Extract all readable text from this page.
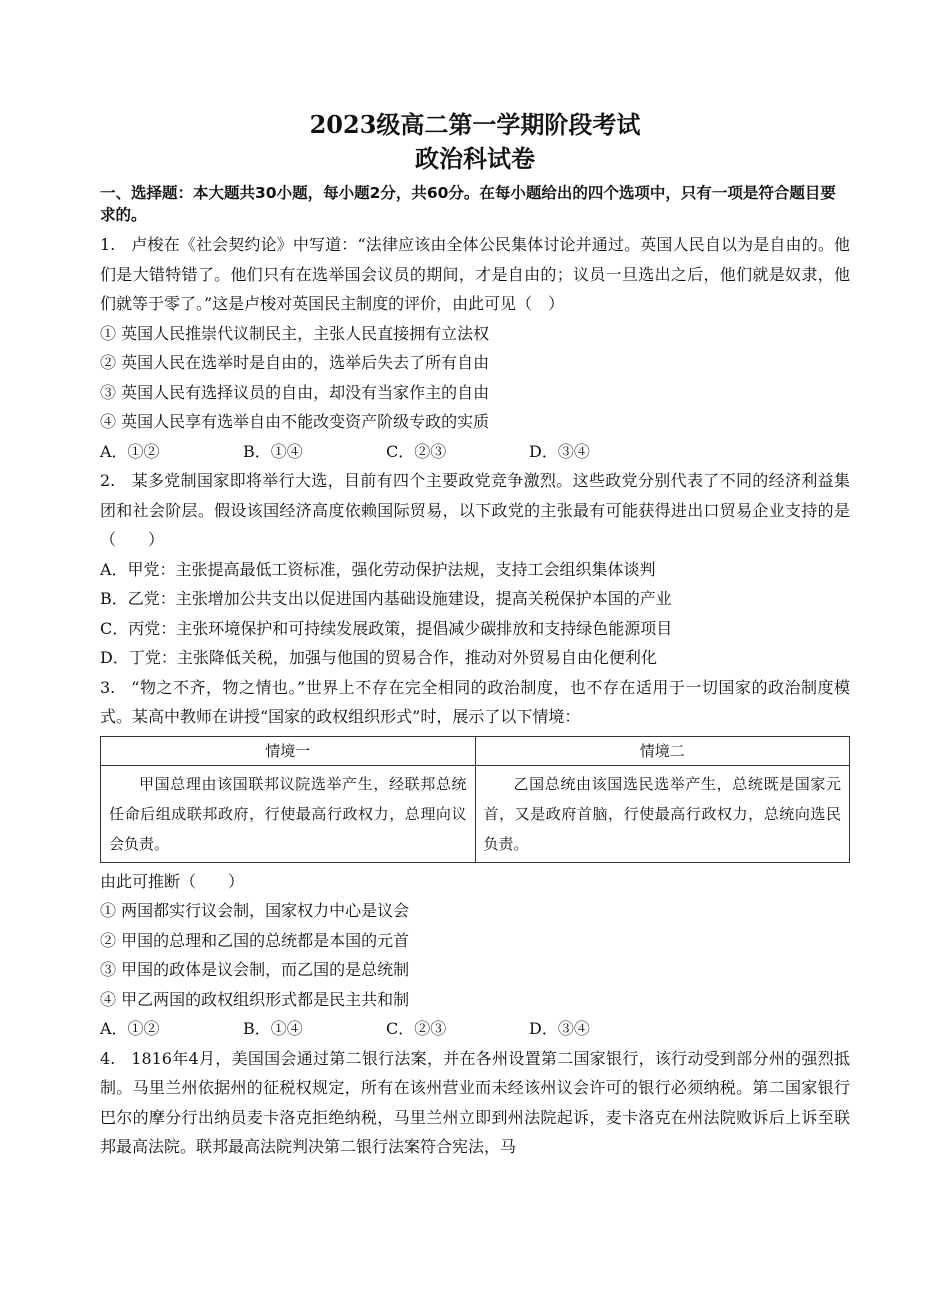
2023级高二第一学期阶段考试
政治科试卷
一、选择题：本大题共30小题，每小题2分，共60分。在每小题给出的四个选项中，只有一项是符合题目要求的。

1. 卢梭在《社会契约论》中写道：“法律应该由全体公民集体讨论并通过。英国人民自以为是自由的。他们是大错特错了。他们只有在选举国会议员的期间，才是自由的；议员一旦选出之后，他们就是奴隶，他们就等于零了。”这是卢梭对英国民主制度的评价，由此可见（　）

① 英国人民推崇代议制民主，主张人民直接拥有立法权

② 英国人民在选举时是自由的，选举后失去了所有自由

③ 英国人民有选择议员的自由，却没有当家作主的自由

④ 英国人民享有选举自由不能改变资产阶级专政的实质

A．①②	B．①④	C．②③	D．③④

2. 某多党制国家即将举行大选，目前有四个主要政党竞争激烈。这些政党分别代表了不同的经济利益集团和社会阶层。假设该国经济高度依赖国际贸易，以下政党的主张最有可能获得进出口贸易企业支持的是（　　）

A．甲党：主张提高最低工资标准，强化劳动保护法规，支持工会组织集体谈判

B．乙党：主张增加公共支出以促进国内基础设施建设，提高关税保护本国的产业

C．丙党：主张环境保护和可持续发展政策，提倡减少碳排放和支持绿色能源项目

D．丁党：主张降低关税，加强与他国的贸易合作，推动对外贸易自由化便利化

3. “物之不齐，物之情也。”世界上不存在完全相同的政治制度，也不存在适用于一切国家的政治制度模式。某高中教师在讲授“国家的政权组织形式”时，展示了以下情境：

情境一	情境二
甲国总理由该国联邦议院选举产生，经联邦总统任命后组成联邦政府，行使最高行政权力，总理向议会负责。	乙国总统由该国选民选举产生，总统既是国家元首，又是政府首脑，行使最高行政权力，总统向选民负责。

由此可推断（　　）

① 两国都实行议会制，国家权力中心是议会

② 甲国的总理和乙国的总统都是本国的元首

③ 甲国的政体是议会制，而乙国的是总统制

④ 甲乙两国的政权组织形式都是民主共和制

A．①②	B．①④	C．②③	D．③④

4. 1816年4月，美国国会通过第二银行法案，并在各州设置第二国家银行，该行动受到部分州的强烈抵制。马里兰州依据州的征税权规定，所有在该州营业而未经该州议会许可的银行必须纳税。第二国家银行巴尔的摩分行出纳员麦卡洛克拒绝纳税，马里兰州立即到州法院起诉，麦卡洛克在州法院败诉后上诉至联邦最高法院。联邦最高法院判决第二银行法案符合宪法，马
